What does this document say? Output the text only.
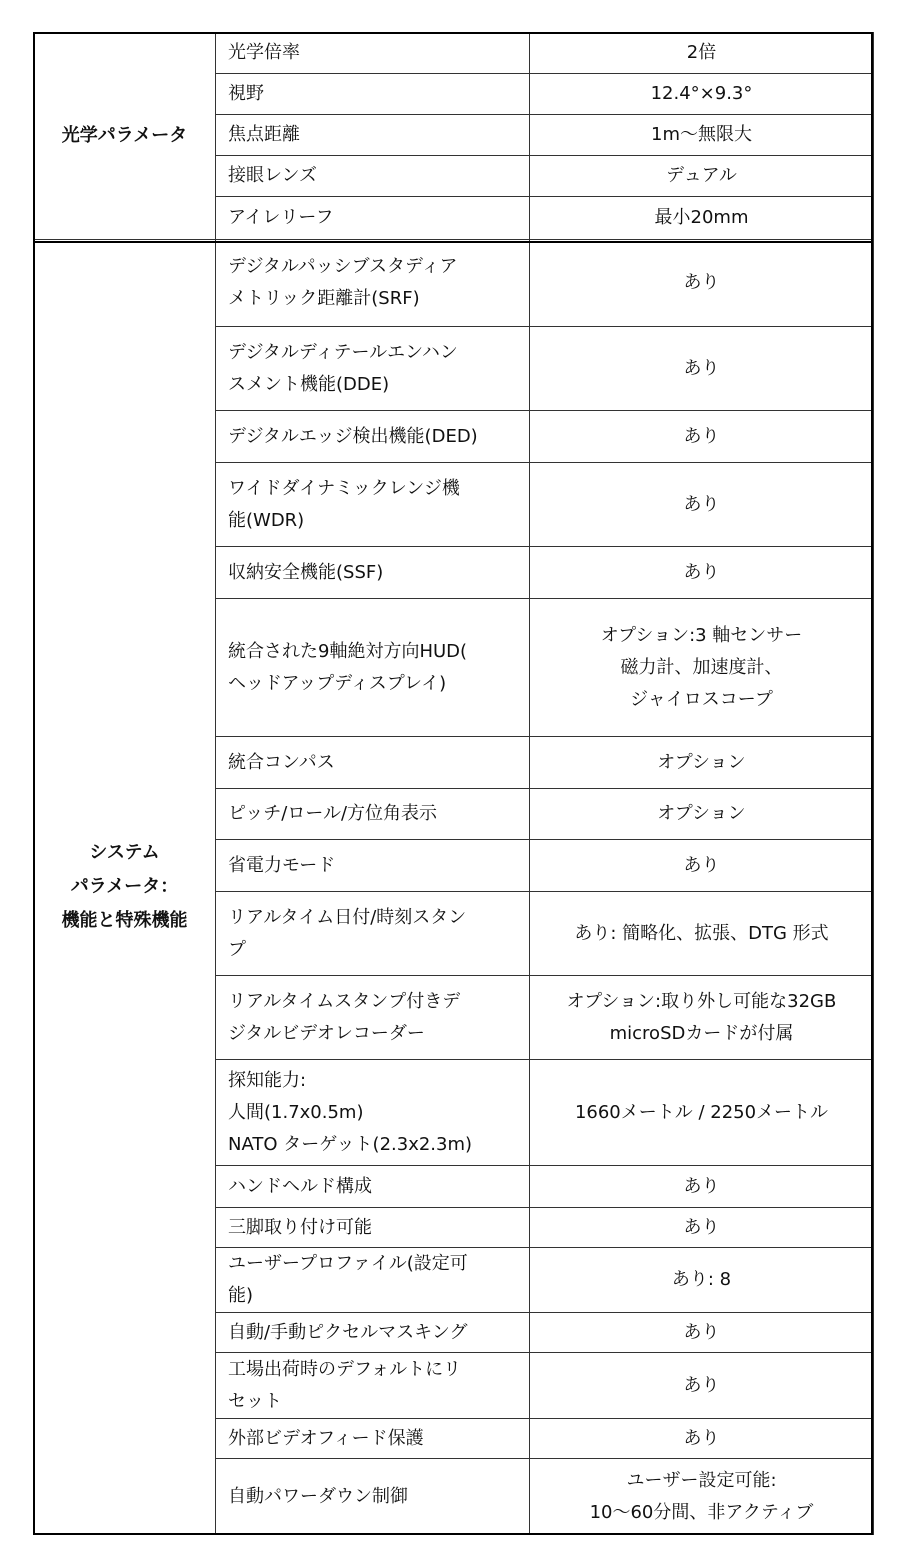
光学パラメータ	光学倍率	2倍

	視野	12.4°×9.3°

	焦点距離	1m～無限大

	接眼レンズ	デュアル

	アイレリーフ	最小20mm

システム
パラメータ：
機能と特殊機能	デジタルパッシブスタディア
メトリック距離計(SRF)	あり

	デジタルディテールエンハン
スメント機能(DDE)	あり

	デジタルエッジ検出機能(DED)	あり

	ワイドダイナミックレンジ機
能(WDR)	あり

	収納安全機能(SSF)	あり

	統合された9軸絶対方向HUD(
ヘッドアップディスプレイ)	オプション:3 軸センサー
磁力計、加速度計、
ジャイロスコープ

	統合コンパス	オプション

	ピッチ/ロール/方位角表示	オプション

	省電力モード	あり

	リアルタイム日付/時刻スタン
プ	あり: 簡略化、拡張、DTG 形式

	リアルタイムスタンプ付きデ
ジタルビデオレコーダー	オプション:取り外し可能な32GB
microSDカードが付属

	探知能力:
人間(1.7x0.5m)
NATO ターゲット(2.3x2.3m)	1660メートル / 2250メートル

	ハンドヘルド構成	あり

	三脚取り付け可能	あり

	ユーザープロファイル(設定可
能)	あり: 8

	自動/手動ピクセルマスキング	あり

	工場出荷時のデフォルトにリ
セット	あり

	外部ビデオフィード保護	あり

	自動パワーダウン制御	ユーザー設定可能:
10～60分間、非アクティブ
